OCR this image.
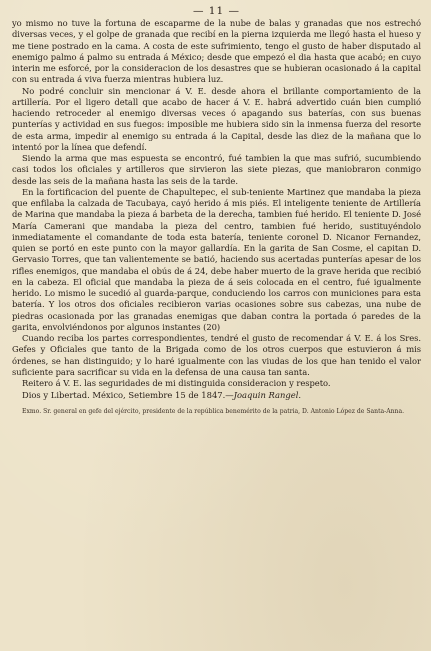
— 11 —

yo mismo no tuve la fortuna de escaparme de la nube de balas y granadas que nos estrechó diversas veces, y el golpe de granada que recibí en la pierna izquierda me llegó hasta el hueso y me tiene postrado en la cama. A costa de este sufrimiento, tengo el gusto de haber disputado al enemigo palmo á palmo su entrada á México; desde que empezó el dia hasta que acabó; en cuyo interin me esforcé, por la consideracion de los desastres que se hubieran ocasionado á la capital con su entrada á viva fuerza mientras hubiera luz.

No podré concluir sin mencionar á V. E. desde ahora el brillante comportamiento de la artillería. Por el ligero detall que acabo de hacer á V. E. habrá advertido cuán bien cumplió haciendo retroceder al enemigo diversas veces ó apagando sus baterías, con sus buenas punterías y actividad en sus fuegos: imposible me hubiera sido sin la inmensa fuerza del resorte de esta arma, impedir al enemigo su entrada á la Capital, desde las diez de la mañana que lo intentó por la línea que defendí.

Siendo la arma que mas espuesta se encontró, fué tambien la que mas sufrió, sucumbiendo casi todos los oficiales y artilleros que sirvieron las siete piezas, que maniobraron conmigo desde las seis de la mañana hasta las seis de la tarde.

En la fortificacion del puente de Chapultepec, el sub-teniente Martinez que mandaba la pieza que enfilaba la calzada de Tacubaya, cayó herido á mis piés. El inteligente teniente de Artillería de Marina que mandaba la pieza á barbeta de la derecha, tambien fué herido. El teniente D. José María Camerani que mandaba la pieza del centro, tambien fué herido, sustituyéndolo inmediatamente el comandante de toda esta batería, teniente coronel D. Nicanor Fernandez, quien se portó en este punto con la mayor gallardía. En la garita de San Cosme, el capitan D. Gervasio Torres, que tan valientemente se batió, haciendo sus acertadas punterías apesar de los rifles enemigos, que mandaba el obús de á 24, debe haber muerto de la grave herida que recibió en la cabeza. El oficial que mandaba la pieza de á seis colocada en el centro, fué igualmente herido. Lo mismo le sucedió al guarda-parque, conduciendo los carros con municiones para esta batería. Y los otros dos oficiales recibieron varias ocasiones sobre sus cabezas, una nube de piedras ocasionada por las granadas enemigas que daban contra la portada ó paredes de la garita, envolviéndonos por algunos instantes (20)

Cuando reciba los partes correspondientes, tendré el gusto de recomendar á V. E. á los Sres. Gefes y Oficiales que tanto de la Brigada como de los otros cuerpos que estuvieron á mis órdenes, se han distinguido; y lo haré igualmente con las viudas de los que han tenido el valor suficiente para sacrificar su vida en la defensa de una causa tan santa.

Reitero á V. E. las seguridades de mi distinguida consideracion y respeto.

Dios y Libertad. México, Setiembre 15 de 1847.—Joaquin Rangel.

Exmo. Sr. general en gefe del ejército, presidente de la república benemérito de la patria, D. Antonio López de Santa-Anna.
